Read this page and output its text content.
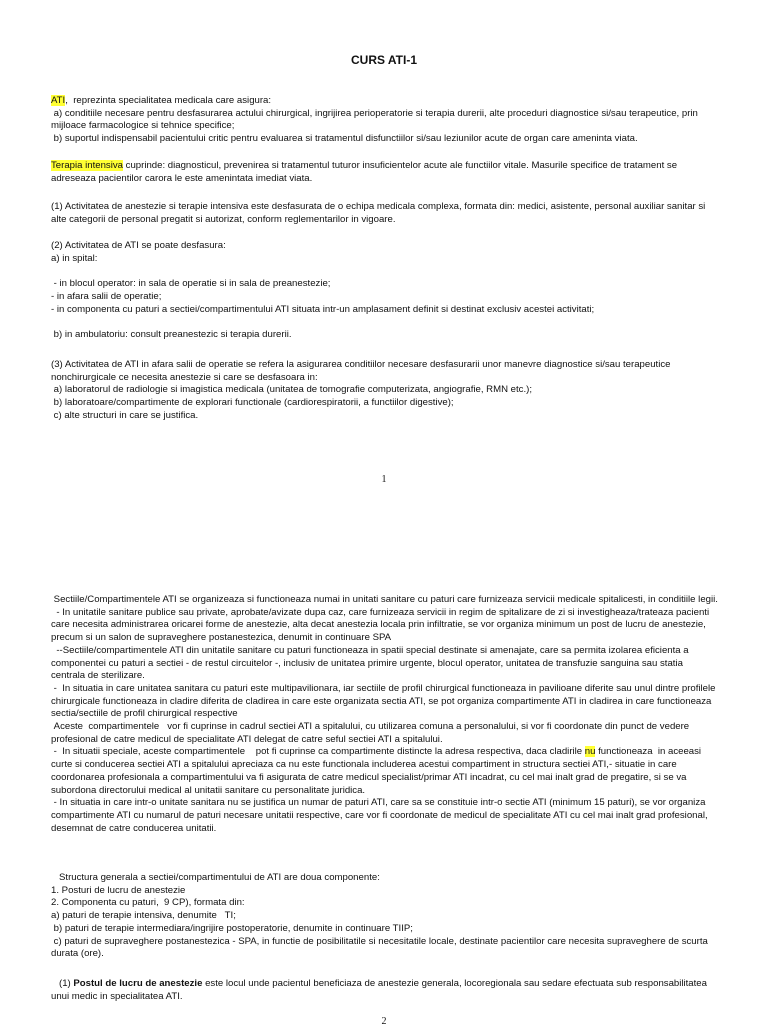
CURS ATI-1

ATI,  reprezinta specialitatea medicala care asigura:

a) conditiile necesare pentru desfasurarea actului chirurgical, ingrijirea perioperatorie si terapia durerii, alte proceduri diagnostice si/sau terapeutice, prin mijloace farmacologice si tehnice specifice;

b) suportul indispensabil pacientului critic pentru evaluarea si tratamentul disfunctiilor si/sau leziunilor acute de organ care ameninta viata.

Terapia intensiva cuprinde: diagnosticul, prevenirea si tratamentul tuturor insuficientelor acute ale functiilor vitale. Masurile specifice de tratament se adreseaza pacientilor carora le este amenintata imediat viata.

(1) Activitatea de anestezie si terapie intensiva este desfasurata de o echipa medicala complexa, formata din: medici, asistente, personal auxiliar sanitar si alte categorii de personal pregatit si autorizat, conform reglementarilor in vigoare.

(2) Activitatea de ATI se poate desfasura:

a) in spital:

- in blocul operator: in sala de operatie si in sala de preanestezie;

- in afara salii de operatie;

- in componenta cu paturi a sectiei/compartimentului ATI situata intr-un amplasament definit si destinat exclusiv acestei activitati;

b) in ambulatoriu: consult preanestezic si terapia durerii.

(3) Activitatea de ATI in afara salii de operatie se refera la asigurarea conditiilor necesare desfasurarii unor manevre diagnostice si/sau terapeutice nonchirurgicale ce necesita anestezie si care se desfasoara in:

a) laboratorul de radiologie si imagistica medicala (unitatea de tomografie computerizata, angiografie, RMN etc.);

b) laboratoare/compartimente de explorari functionale (cardiorespiratorii, a functiilor digestive);

c) alte structuri in care se justifica.

1

Sectiile/Compartimentele ATI se organizeaza si functioneaza numai in unitati sanitare cu paturi care furnizeaza servicii medicale spitalicesti, in conditiile legii.

- In unitatile sanitare publice sau private, aprobate/avizate dupa caz, care furnizeaza servicii in regim de spitalizare de zi si investigheaza/trateaza pacienti care necesita administrarea oricarei forme de anestezie, alta decat anestezia locala prin infiltratie, se vor organiza minimum un post de lucru de anestezie, precum si un salon de supraveghere postanestezica, denumit in continuare SPA

--Sectiile/compartimentele ATI din unitatile sanitare cu paturi functioneaza in spatii special destinate si amenajate, care sa permita izolarea eficienta a componentei cu paturi a sectiei - de restul circuitelor -, inclusiv de unitatea primire urgente, blocul operator, unitatea de transfuzie sanguina sau statia centrala de sterilizare.

-  In situatia in care unitatea sanitara cu paturi este multipavilionara, iar sectiile de profil chirurgical functioneaza in pavilioane diferite sau unul dintre profilele chirurgicale functioneaza in cladire diferita de cladirea in care este organizata sectia ATI, se pot organiza compartimente ATI in cladirea in care functioneaza sectia/sectiile de profil chirurgical respective

Aceste  compartimentele   vor fi cuprinse in cadrul sectiei ATI a spitalului, cu utilizarea comuna a personalului, si vor fi coordonate din punct de vedere profesional de catre medicul de specialitate ATI delegat de catre seful sectiei ATI a spitalului.

-  In situatii speciale, aceste compartimentele    pot fi cuprinse ca compartimente distincte la adresa respectiva, daca cladirile nu functioneaza  in aceeasi curte si conducerea sectiei ATI a spitalului apreciaza ca nu este functionala includerea acestui compartiment in structura sectiei ATI,- situatie in care coordonarea profesionala a compartimentului va fi asigurata de catre medicul specialist/primar ATI incadrat, cu cel mai inalt grad de pregatire, si se va subordona directorului medical al unitatii sanitare cu personalitate juridica.

- In situatia in care intr-o unitate sanitara nu se justifica un numar de paturi ATI, care sa se constituie intr-o sectie ATI (minimum 15 paturi), se vor organiza compartimente ATI cu numarul de paturi necesare unitatii respective, care vor fi coordonate de medicul de specialitate ATI cu cel mai inalt grad profesional, desemnat de catre conducerea unitatii.

Structura generala a sectiei/compartimentului de ATI are doua componente:

1. Posturi de lucru de anestezie

2. Componenta cu paturi,  9 CP), formata din:

a) paturi de terapie intensiva, denumite   TI;

b) paturi de terapie intermediara/ingrijire postoperatorie, denumite in continuare TIIP;

c) paturi de supraveghere postanestezica - SPA, in functie de posibilitatile si necesitatile locale, destinate pacientilor care necesita supraveghere de scurta durata (ore).

(1) Postul de lucru de anestezie este locul unde pacientul beneficiaza de anestezie generala, locoregionala sau sedare efectuata sub responsabilitatea unui medic in specialitatea ATI.

2
